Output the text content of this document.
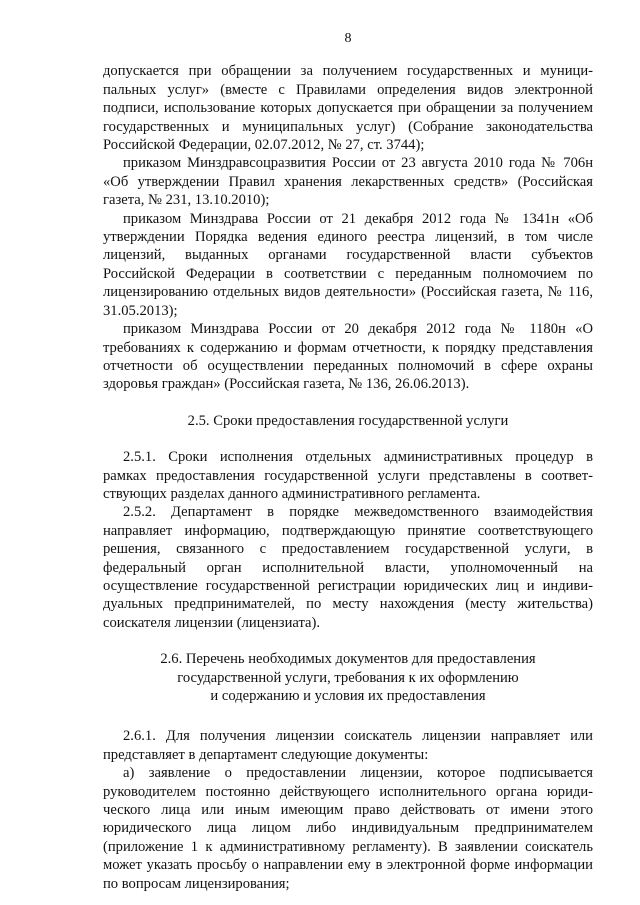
8

допускается при обращении за получением государственных и муници-
пальных услуг» (вместе с Правилами определения видов электронной
подписи, использование которых допускается при обращении за получением
государственных и муниципальных услуг) (Собрание законодательства
Российской Федерации, 02.07.2012, № 27, ст. 3744);

приказом Минздравсоцразвития России от 23 августа 2010 года № 706н
«Об утверждении Правил хранения лекарственных средств» (Российская
газета, № 231, 13.10.2010);

приказом Минздрава России от 21 декабря 2012 года № 1341н «Об
утверждении Порядка ведения единого реестра лицензий, в том числе
лицензий, выданных органами государственной власти субъектов
Российской Федерации в соответствии с переданным полномочием по
лицензированию отдельных видов деятельности» (Российская газета, № 116,
31.05.2013);

приказом Минздрава России от 20 декабря 2012 года № 1180н «О
требованиях к содержанию и формам отчетности, к порядку представления
отчетности об осуществлении переданных полномочий в сфере охраны
здоровья граждан» (Российская газета, № 136, 26.06.2013).

2.5. Сроки предоставления государственной услуги

2.5.1. Сроки исполнения отдельных административных процедур в
рамках предоставления государственной услуги представлены в соответ-
ствующих разделах данного административного регламента.

2.5.2. Департамент в порядке межведомственного взаимодействия
направляет информацию, подтверждающую принятие соответствующего
решения, связанного с предоставлением государственной услуги, в
федеральный орган исполнительной власти, уполномоченный на
осуществление государственной регистрации юридических лиц и индиви-
дуальных предпринимателей, по месту нахождения (месту жительства)
соискателя лицензии (лицензиата).

2.6. Перечень необходимых документов для предоставления
государственной услуги, требования к их оформлению
и содержанию и условия их предоставления

2.6.1. Для получения лицензии соискатель лицензии направляет или
представляет в департамент следующие документы:

а) заявление о предоставлении лицензии, которое подписывается
руководителем постоянно действующего исполнительного органа юриди-
ческого лица или иным имеющим право действовать от имени этого
юридического лица лицом либо индивидуальным предпринимателем
(приложение 1 к административному регламенту). В заявлении соискатель
может указать просьбу о направлении ему в электронной форме информации
по вопросам лицензирования;
